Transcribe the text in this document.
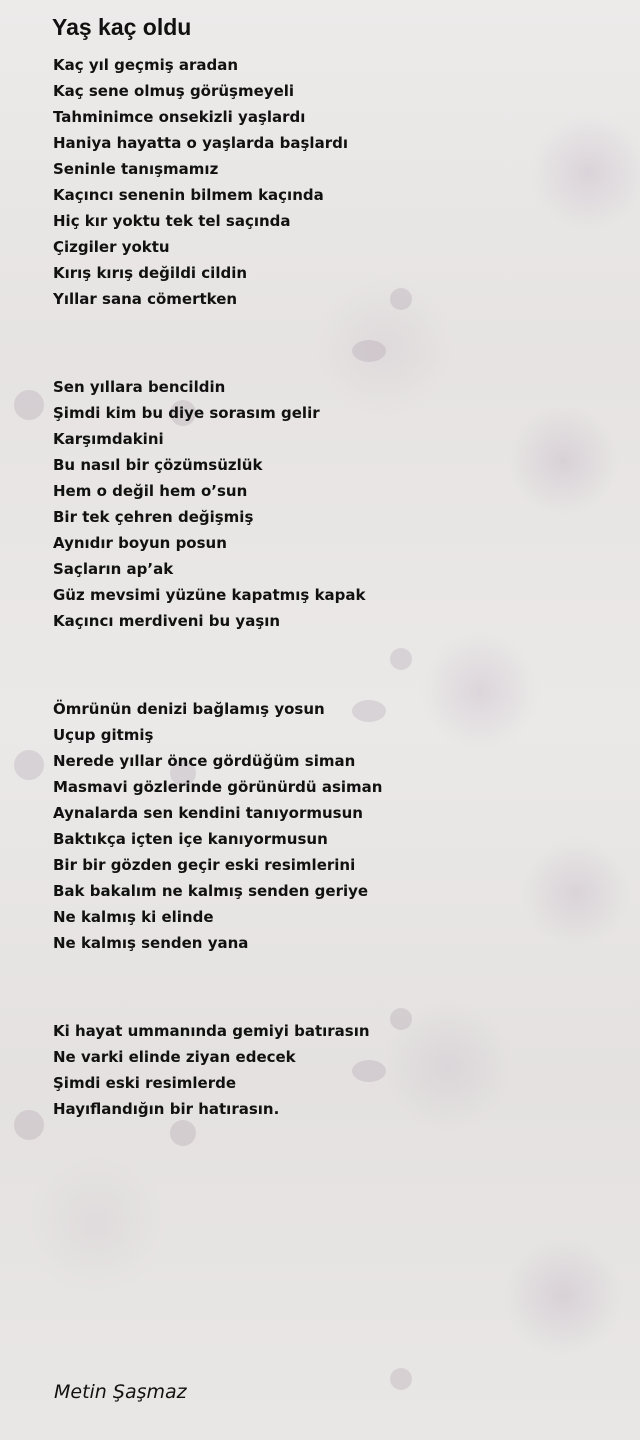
Yaş kaç oldu
Kaç yıl geçmiş aradan
Kaç sene olmuş görüşmeyeli
Tahminimce onsekizli yaşlardı
Haniya hayatta o yaşlarda başlardı
Seninle tanışmamız
Kaçıncı senenin bilmem kaçında
Hiç kır yoktu tek tel saçında
Çizgiler yoktu
Kırış kırış değildi cildin
Yıllar sana cömertken
Sen yıllara bencildin
Şimdi kim bu diye sorasım gelir
Karşımdakini
Bu nasıl bir çözümsüzlük
Hem o değil hem o’sun
Bir tek çehren değişmiş
Aynıdır boyun posun
Saçların ap’ak
Güz mevsimi yüzüne kapatmış kapak
Kaçıncı merdiveni bu yaşın
Ömrünün denizi bağlamış yosun
Uçup gitmiş
Nerede yıllar önce gördüğüm siman
Masmavi gözlerinde görünürdü asiman
Aynalarda sen kendini tanıyormusun
Baktıkça içten içe kanıyormusun
Bir bir gözden geçir eski resimlerini
Bak bakalım ne kalmış senden geriye
Ne kalmış ki elinde
Ne kalmış senden yana
Ki hayat ummanında gemiyi batırasın
Ne varki elinde ziyan edecek
Şimdi eski resimlerde
Hayıflandığın bir hatırasın.

Metin Şaşmaz
